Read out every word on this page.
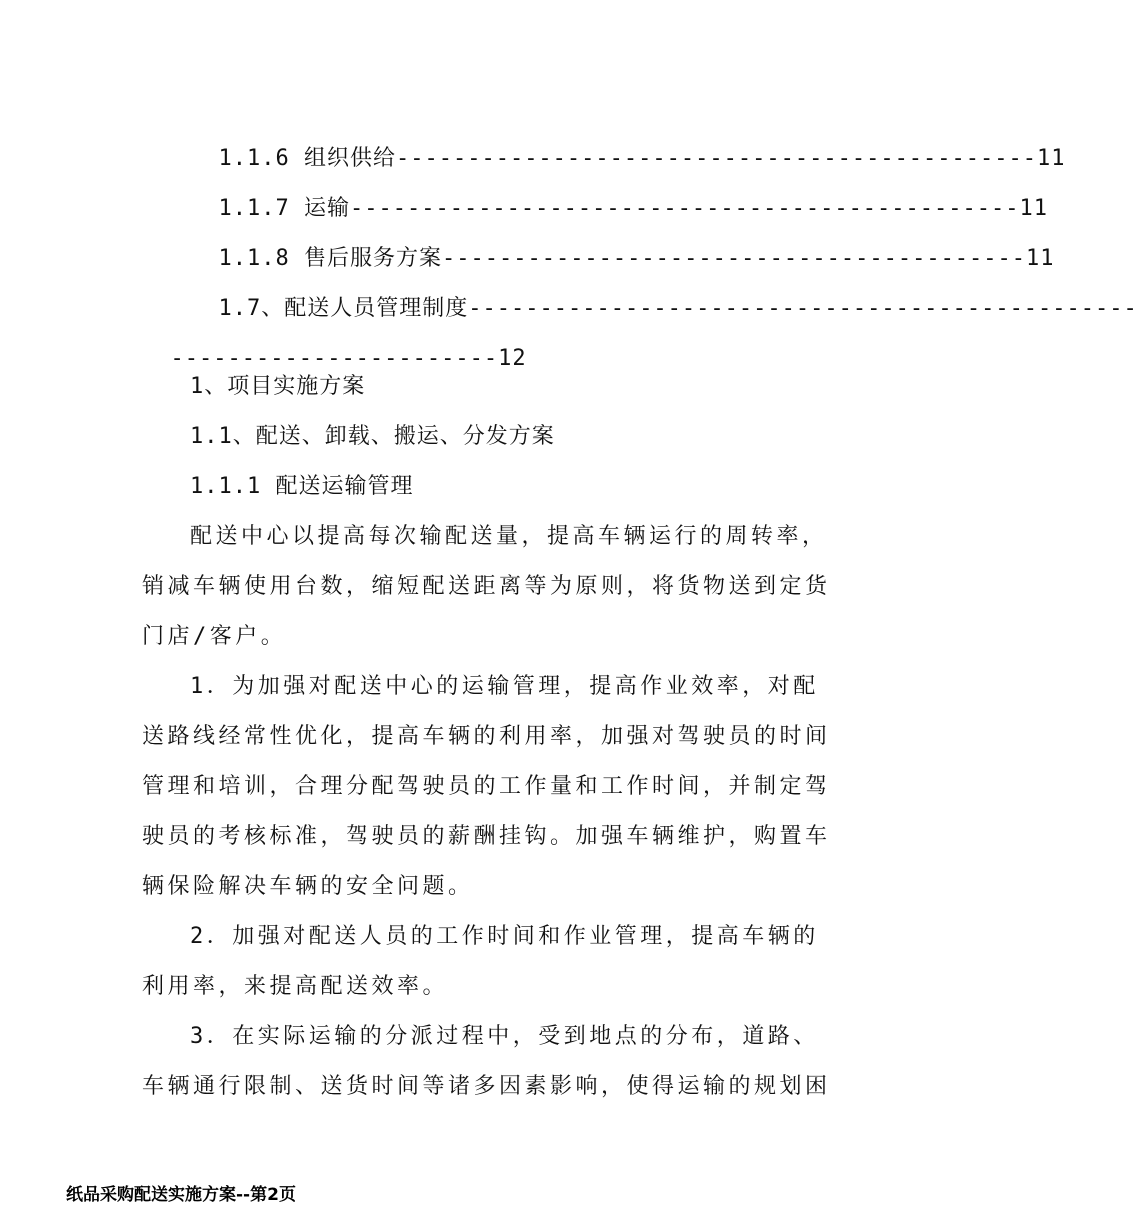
1.1.6 组织供给---------------------------------------------11

1.1.7 运输-----------------------------------------------11

1.1.8 售后服务方案-----------------------------------------11

1.7、配送人员管理制度-----------------------------------------------

-----------------------12

1、项目实施方案
1.1、配送、卸载、搬运、分发方案
1.1.1 配送运输管理
配送中心以提高每次输配送量，提高车辆运行的周转率，
销减车辆使用台数，缩短配送距离等为原则，将货物送到定货
门店/客户。
1．为加强对配送中心的运输管理，提高作业效率，对配
送路线经常性优化，提高车辆的利用率，加强对驾驶员的时间
管理和培训，合理分配驾驶员的工作量和工作时间，并制定驾
驶员的考核标准，驾驶员的薪酬挂钩。加强车辆维护，购置车
辆保险解决车辆的安全问题。
2．加强对配送人员的工作时间和作业管理，提高车辆的
利用率，来提高配送效率。
3．在实际运输的分派过程中，受到地点的分布，道路、
车辆通行限制、送货时间等诸多因素影响，使得运输的规划困
纸品采购配送实施方案--第2页
